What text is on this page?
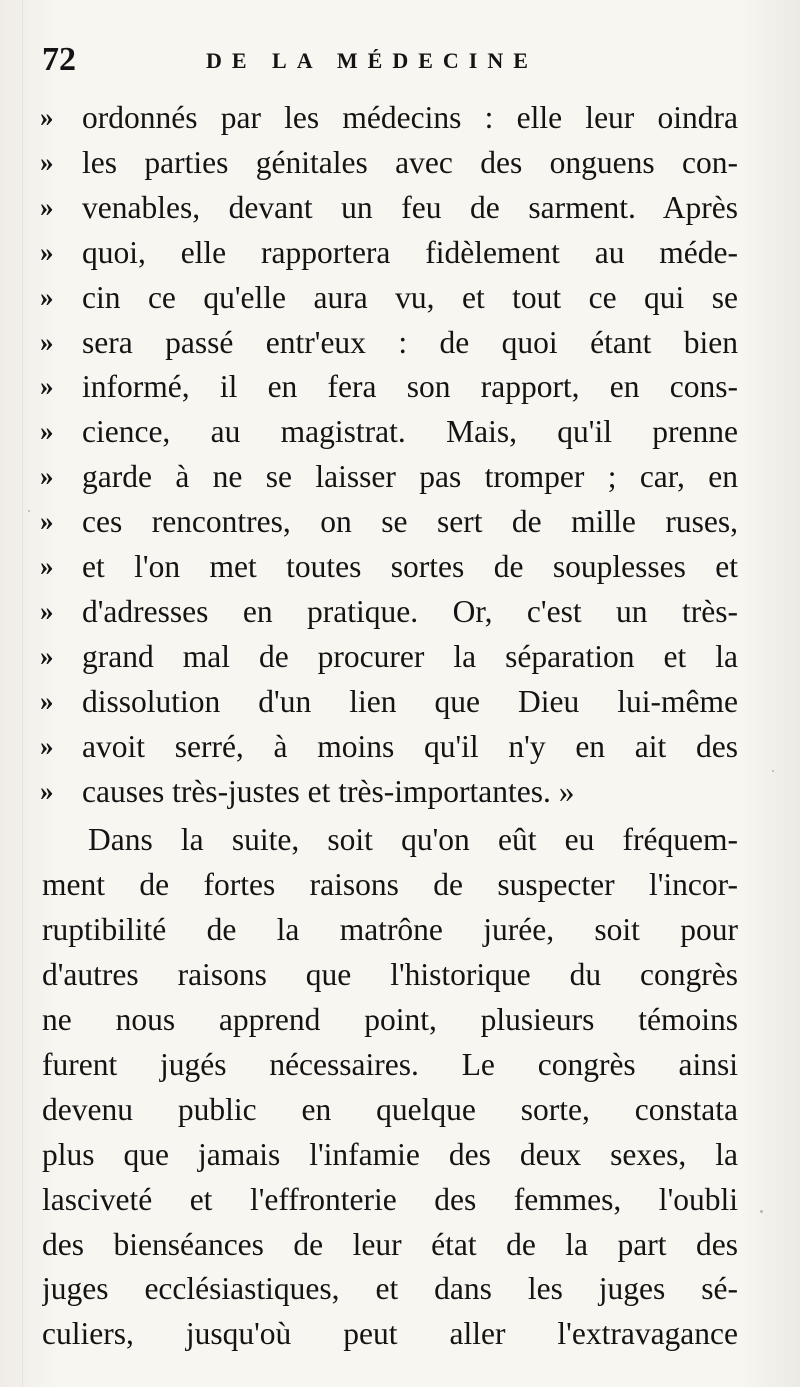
72	DE LA MÉDECINE
» ordonnés par les médecins : elle leur oindra
» les parties génitales avec des onguens con-
» venables, devant un feu de sarment. Après
» quoi, elle rapportera fidèlement au méde-
» cin ce qu'elle aura vu, et tout ce qui se
» sera passé entr'eux : de quoi étant bien
» informé, il en fera son rapport, en cons-
» cience, au magistrat. Mais, qu'il prenne
» garde à ne se laisser pas tromper ; car, en
» ces rencontres, on se sert de mille ruses,
» et l'on met toutes sortes de souplesses et
» d'adresses en pratique. Or, c'est un très-
» grand mal de procurer la séparation et la
» dissolution d'un lien que Dieu lui-même
» avoit serré, à moins qu'il n'y en ait des
» causes très-justes et très-importantes. »
Dans la suite, soit qu'on eût eu fréquem-
ment de fortes raisons de suspecter l'incor-
ruptibilité de la matrône jurée, soit pour
d'autres raisons que l'historique du congrès
ne nous apprend point, plusieurs témoins
furent jugés nécessaires. Le congrès ainsi
devenu public en quelque sorte, constata
plus que jamais l'infamie des deux sexes, la
lasciveté et l'effronterie des femmes, l'oubli
des bienséances de leur état de la part des
juges ecclésiastiques, et dans les juges sé-
culiers, jusqu'où peut aller l'extravagance
